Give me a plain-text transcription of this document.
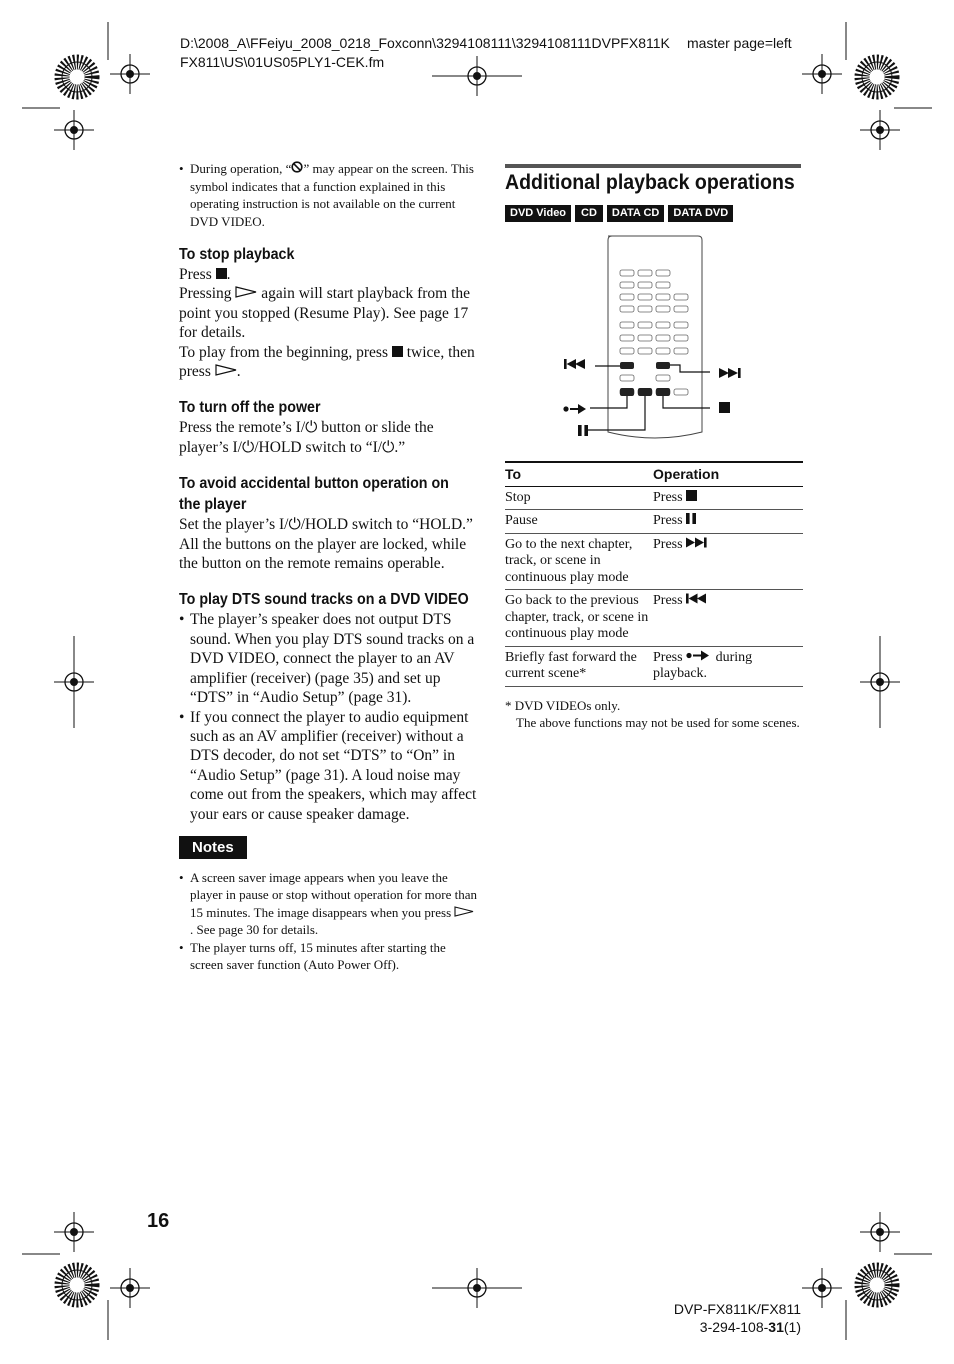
D:\2008_A\FFeiyu_2008_0218_Foxconn\3294108111\3294108111DVPFX811K master page=left
FX811\US\01US05PLY1-CEK.fm
• During operation, “ ” may appear on the screen. This symbol indicates that a function explained in this operating instruction is not available on the current DVD VIDEO.
To stop playback

Press .

Pressing again will start playback from the point you stopped (Resume Play). See page 17 for details.

To play from the beginning, press twice, then press .

To turn off the power
Press the remote’s I/⏻ button or slide the player’s I/⏻/HOLD switch to “I/⏻.”
To avoid accidental button operation on the player
Set the player’s I/⏻/HOLD switch to “HOLD.” All the buttons on the player are locked, while the button on the remote remains operable.
To play DTS sound tracks on a DVD VIDEO
• The player’s speaker does not output DTS sound. When you play DTS sound tracks on a DVD VIDEO, connect the player to an AV amplifier (receiver) (page 35) and set up “DTS” in “Audio Setup” (page 31).
• If you connect the player to audio equipment such as an AV amplifier (receiver) without a DTS decoder, do not set “DTS” to “On” in “Audio Setup” (page 31). A loud noise may come out from the speakers, which may affect your ears or cause speaker damage.
Notes
• A screen saver image appears when you leave the player in pause or stop without operation for more than 15 minutes. The image disappears when you press . See page 30 for details.
• The player turns off, 15 minutes after starting the screen saver function (Auto Power Off).
Additional playback operations
DVD Video CD DATA CD DATA DVD
To	Operation
Stop	Press
Pause	Press
Go to the next chapter, track, or scene in continuous play mode	Press
Go back to the previous chapter, track, or scene in continuous play mode	Press
Briefly fast forward the current scene*	Press during playback.
* DVD VIDEOs only.
The above functions may not be used for some scenes.
16
DVP-FX811K/FX811
3-294-108-31(1)
